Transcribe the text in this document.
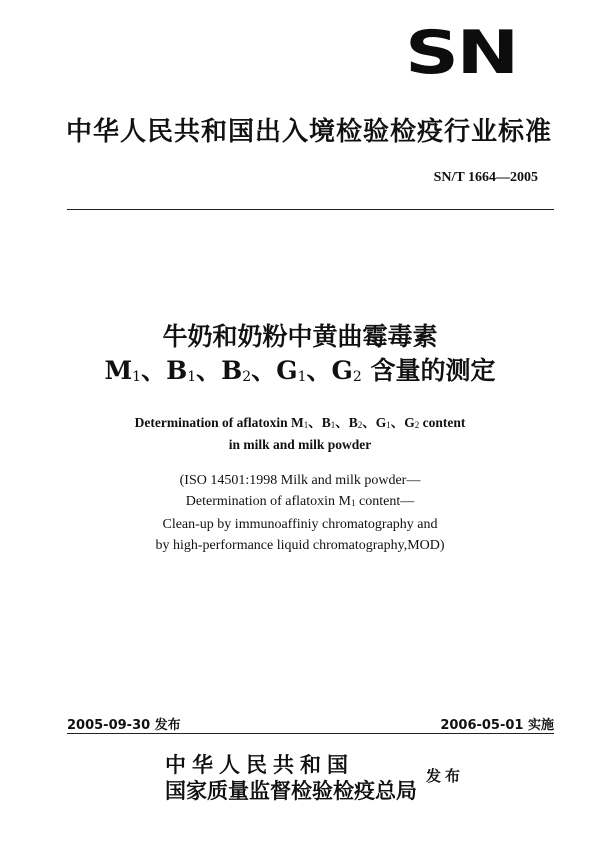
SN
中华人民共和国出入境检验检疫行业标准
SN/T 1664—2005
牛奶和奶粉中黄曲霉毒素
$M_1$、$B_1$、$B_2$、$G_1$、$G_2$ 含量的测定
Determination of aflatoxin $M_1$、$B_1$、$B_2$、$G_1$、$G_2$ content
in milk and milk powder
(ISO 14501:1998 Milk and milk powder—
Determination of aflatoxin $M_1$ content—
Clean-up by immunoaffiniy chromatography and
by high-performance liquid chromatography,MOD)
2005-09-30 发布	2006-05-01 实施
中华人民共和国
国家质量监督检验检疫总局
发布
